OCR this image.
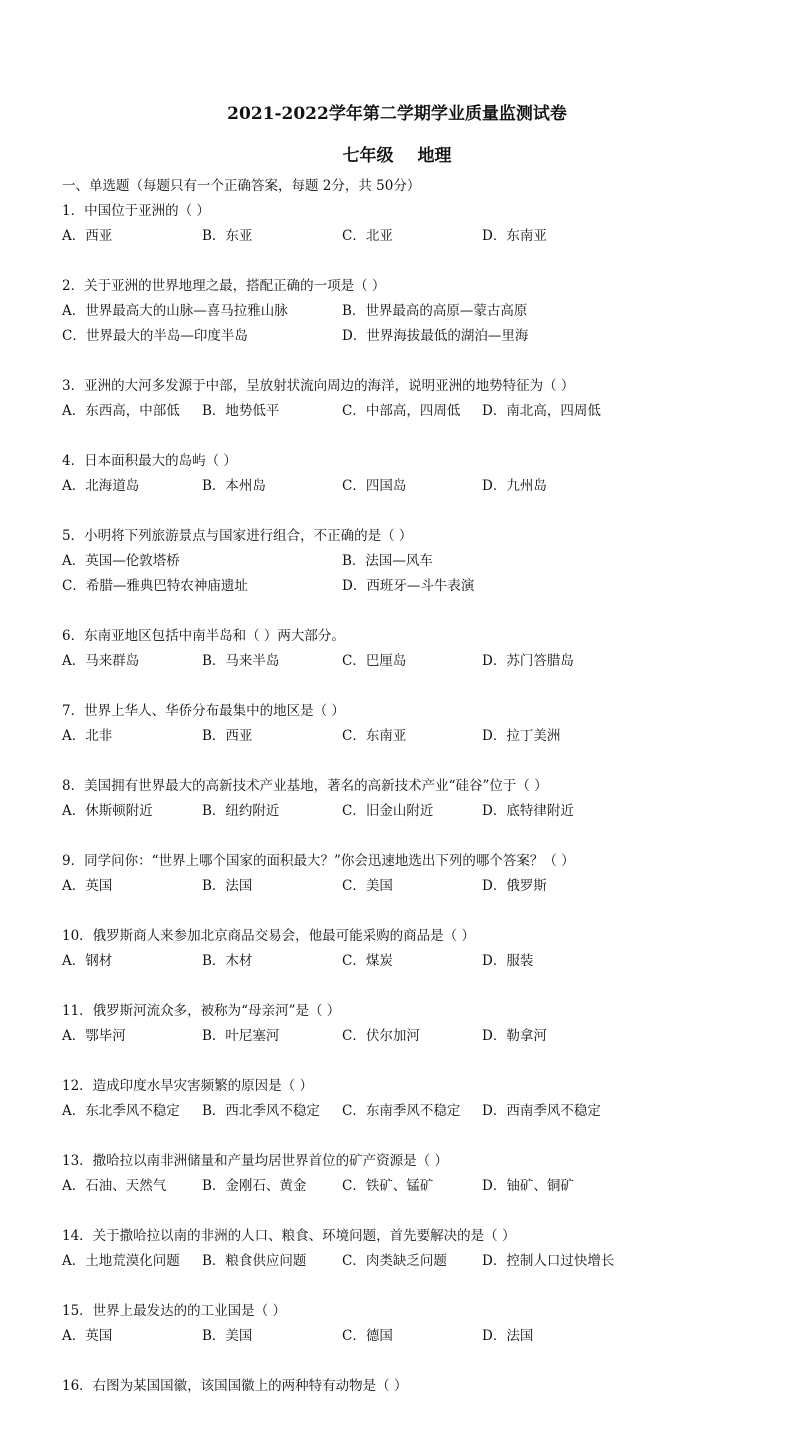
2021-2022学年第二学期学业质量监测试卷
七年级 地理
一、单选题（每题只有一个正确答案，每题 2分，共 50分）
1．中国位于亚洲的（ ）
A．西亚	B．东亚	C．北亚	D．东南亚
2．关于亚洲的世界地理之最，搭配正确的一项是（ ）
A．世界最高大的山脉—喜马拉雅山脉	B．世界最高的高原—蒙古高原
C．世界最大的半岛—印度半岛	D．世界海拔最低的湖泊—里海
3．亚洲的大河多发源于中部，呈放射状流向周边的海洋，说明亚洲的地势特征为（ ）
A．东西高，中部低 B．地势低平	C．中部高，四周低 D．南北高，四周低
4．日本面积最大的岛屿（ ）
A．北海道岛	B．本州岛	C．四国岛	D．九州岛
5．小明将下列旅游景点与国家进行组合，不正确的是（ ）
A．英国—伦敦塔桥	B．法国—风车
C．希腊—雅典巴特农神庙遗址	D．西班牙—斗牛表演
6．东南亚地区包括中南半岛和（ ）两大部分。
A．马来群岛	B．马来半岛	C．巴厘岛	D．苏门答腊岛
7．世界上华人、华侨分布最集中的地区是（ ）
A．北非	B．西亚	C．东南亚	D．拉丁美洲
8．美国拥有世界最大的高新技术产业基地，著名的高新技术产业“硅谷”位于（ ）
A．休斯顿附近	B．纽约附近	C．旧金山附近	D．底特律附近
9．同学问你：“世界上哪个国家的面积最大？”你会迅速地选出下列的哪个答案？（ ）
A．英国	B．法国	C．美国	D．俄罗斯
10．俄罗斯商人来参加北京商品交易会，他最可能采购的商品是（ ）
A．钢材	B．木材	C．煤炭	D．服装
11．俄罗斯河流众多，被称为“母亲河”是（ ）
A．鄂毕河	B．叶尼塞河	C．伏尔加河	D．勒拿河
12．造成印度水旱灾害频繁的原因是（ ）
A．东北季风不稳定 B．西北季风不稳定 C．东南季风不稳定 D．西南季风不稳定
13．撒哈拉以南非洲储量和产量均居世界首位的矿产资源是（ ）
A．石油、天然气	B．金刚石、黄金	C．铁矿、锰矿	D．铀矿、铜矿
14．关于撒哈拉以南的非洲的人口、粮食、环境问题，首先要解决的是（ ）
A．土地荒漠化问题 B．粮食供应问题	C．肉类缺乏问题	D．控制人口过快增长
15．世界上最发达的的工业国是（ ）
A．英国	B．美国	C．德国	D．法国
16．右图为某国国徽，该国国徽上的两种特有动物是（ ）
